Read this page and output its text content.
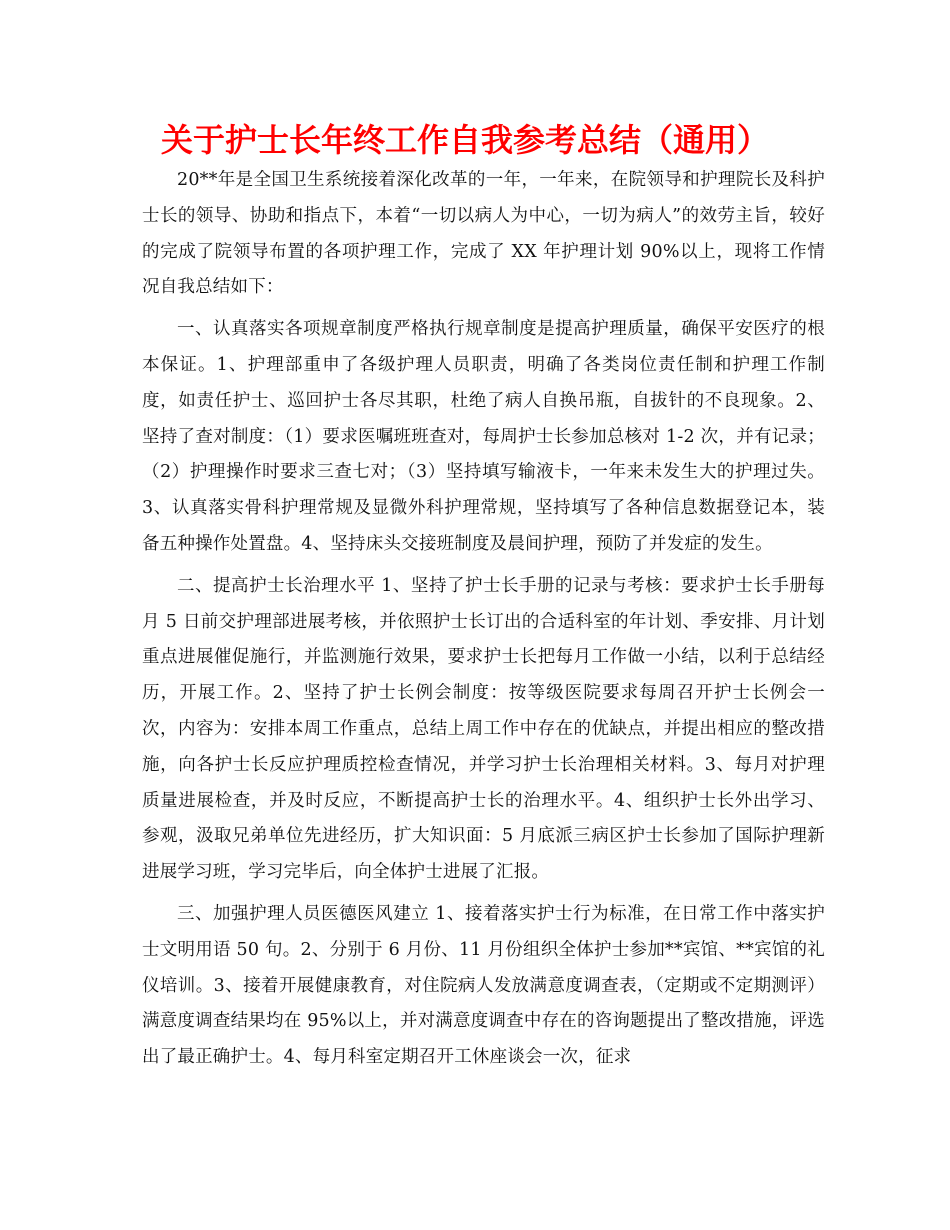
关于护士长年终工作自我参考总结（通用）

20**年是全国卫生系统接着深化改革的一年，一年来，在院领导和护理院长及科护士长的领导、协助和指点下，本着“一切以病人为中心，一切为病人”的效劳主旨，较好的完成了院领导布置的各项护理工作，完成了 XX 年护理计划 90%以上，现将工作情况自我总结如下：

一、认真落实各项规章制度严格执行规章制度是提高护理质量，确保平安医疗的根本保证。1、护理部重申了各级护理人员职责，明确了各类岗位责任制和护理工作制度，如责任护士、巡回护士各尽其职，杜绝了病人自换吊瓶，自拔针的不良现象。2、坚持了查对制度：（1）要求医嘱班班查对，每周护士长参加总核对 1-2 次，并有记录；（2）护理操作时要求三查七对；（3）坚持填写输液卡，一年来未发生大的护理过失。3、认真落实骨科护理常规及显微外科护理常规，坚持填写了各种信息数据登记本，装备五种操作处置盘。4、坚持床头交接班制度及晨间护理，预防了并发症的发生。

二、提高护士长治理水平 1、坚持了护士长手册的记录与考核：要求护士长手册每月 5 日前交护理部进展考核，并依照护士长订出的合适科室的年计划、季安排、月计划重点进展催促施行，并监测施行效果，要求护士长把每月工作做一小结，以利于总结经历，开展工作。2、坚持了护士长例会制度：按等级医院要求每周召开护士长例会一次，内容为：安排本周工作重点，总结上周工作中存在的优缺点，并提出相应的整改措施，向各护士长反应护理质控检查情况，并学习护士长治理相关材料。3、每月对护理质量进展检查，并及时反应，不断提高护士长的治理水平。4、组织护士长外出学习、参观，汲取兄弟单位先进经历，扩大知识面：5 月底派三病区护士长参加了国际护理新进展学习班，学习完毕后，向全体护士进展了汇报。

三、加强护理人员医德医风建立 1、接着落实护士行为标准，在日常工作中落实护士文明用语 50 句。2、分别于 6 月份、11 月份组织全体护士参加**宾馆、**宾馆的礼仪培训。3、接着开展健康教育，对住院病人发放满意度调查表，（定期或不定期测评）满意度调查结果均在 95%以上，并对满意度调查中存在的咨询题提出了整改措施，评选出了最正确护士。4、每月科室定期召开工休座谈会一次，征求
